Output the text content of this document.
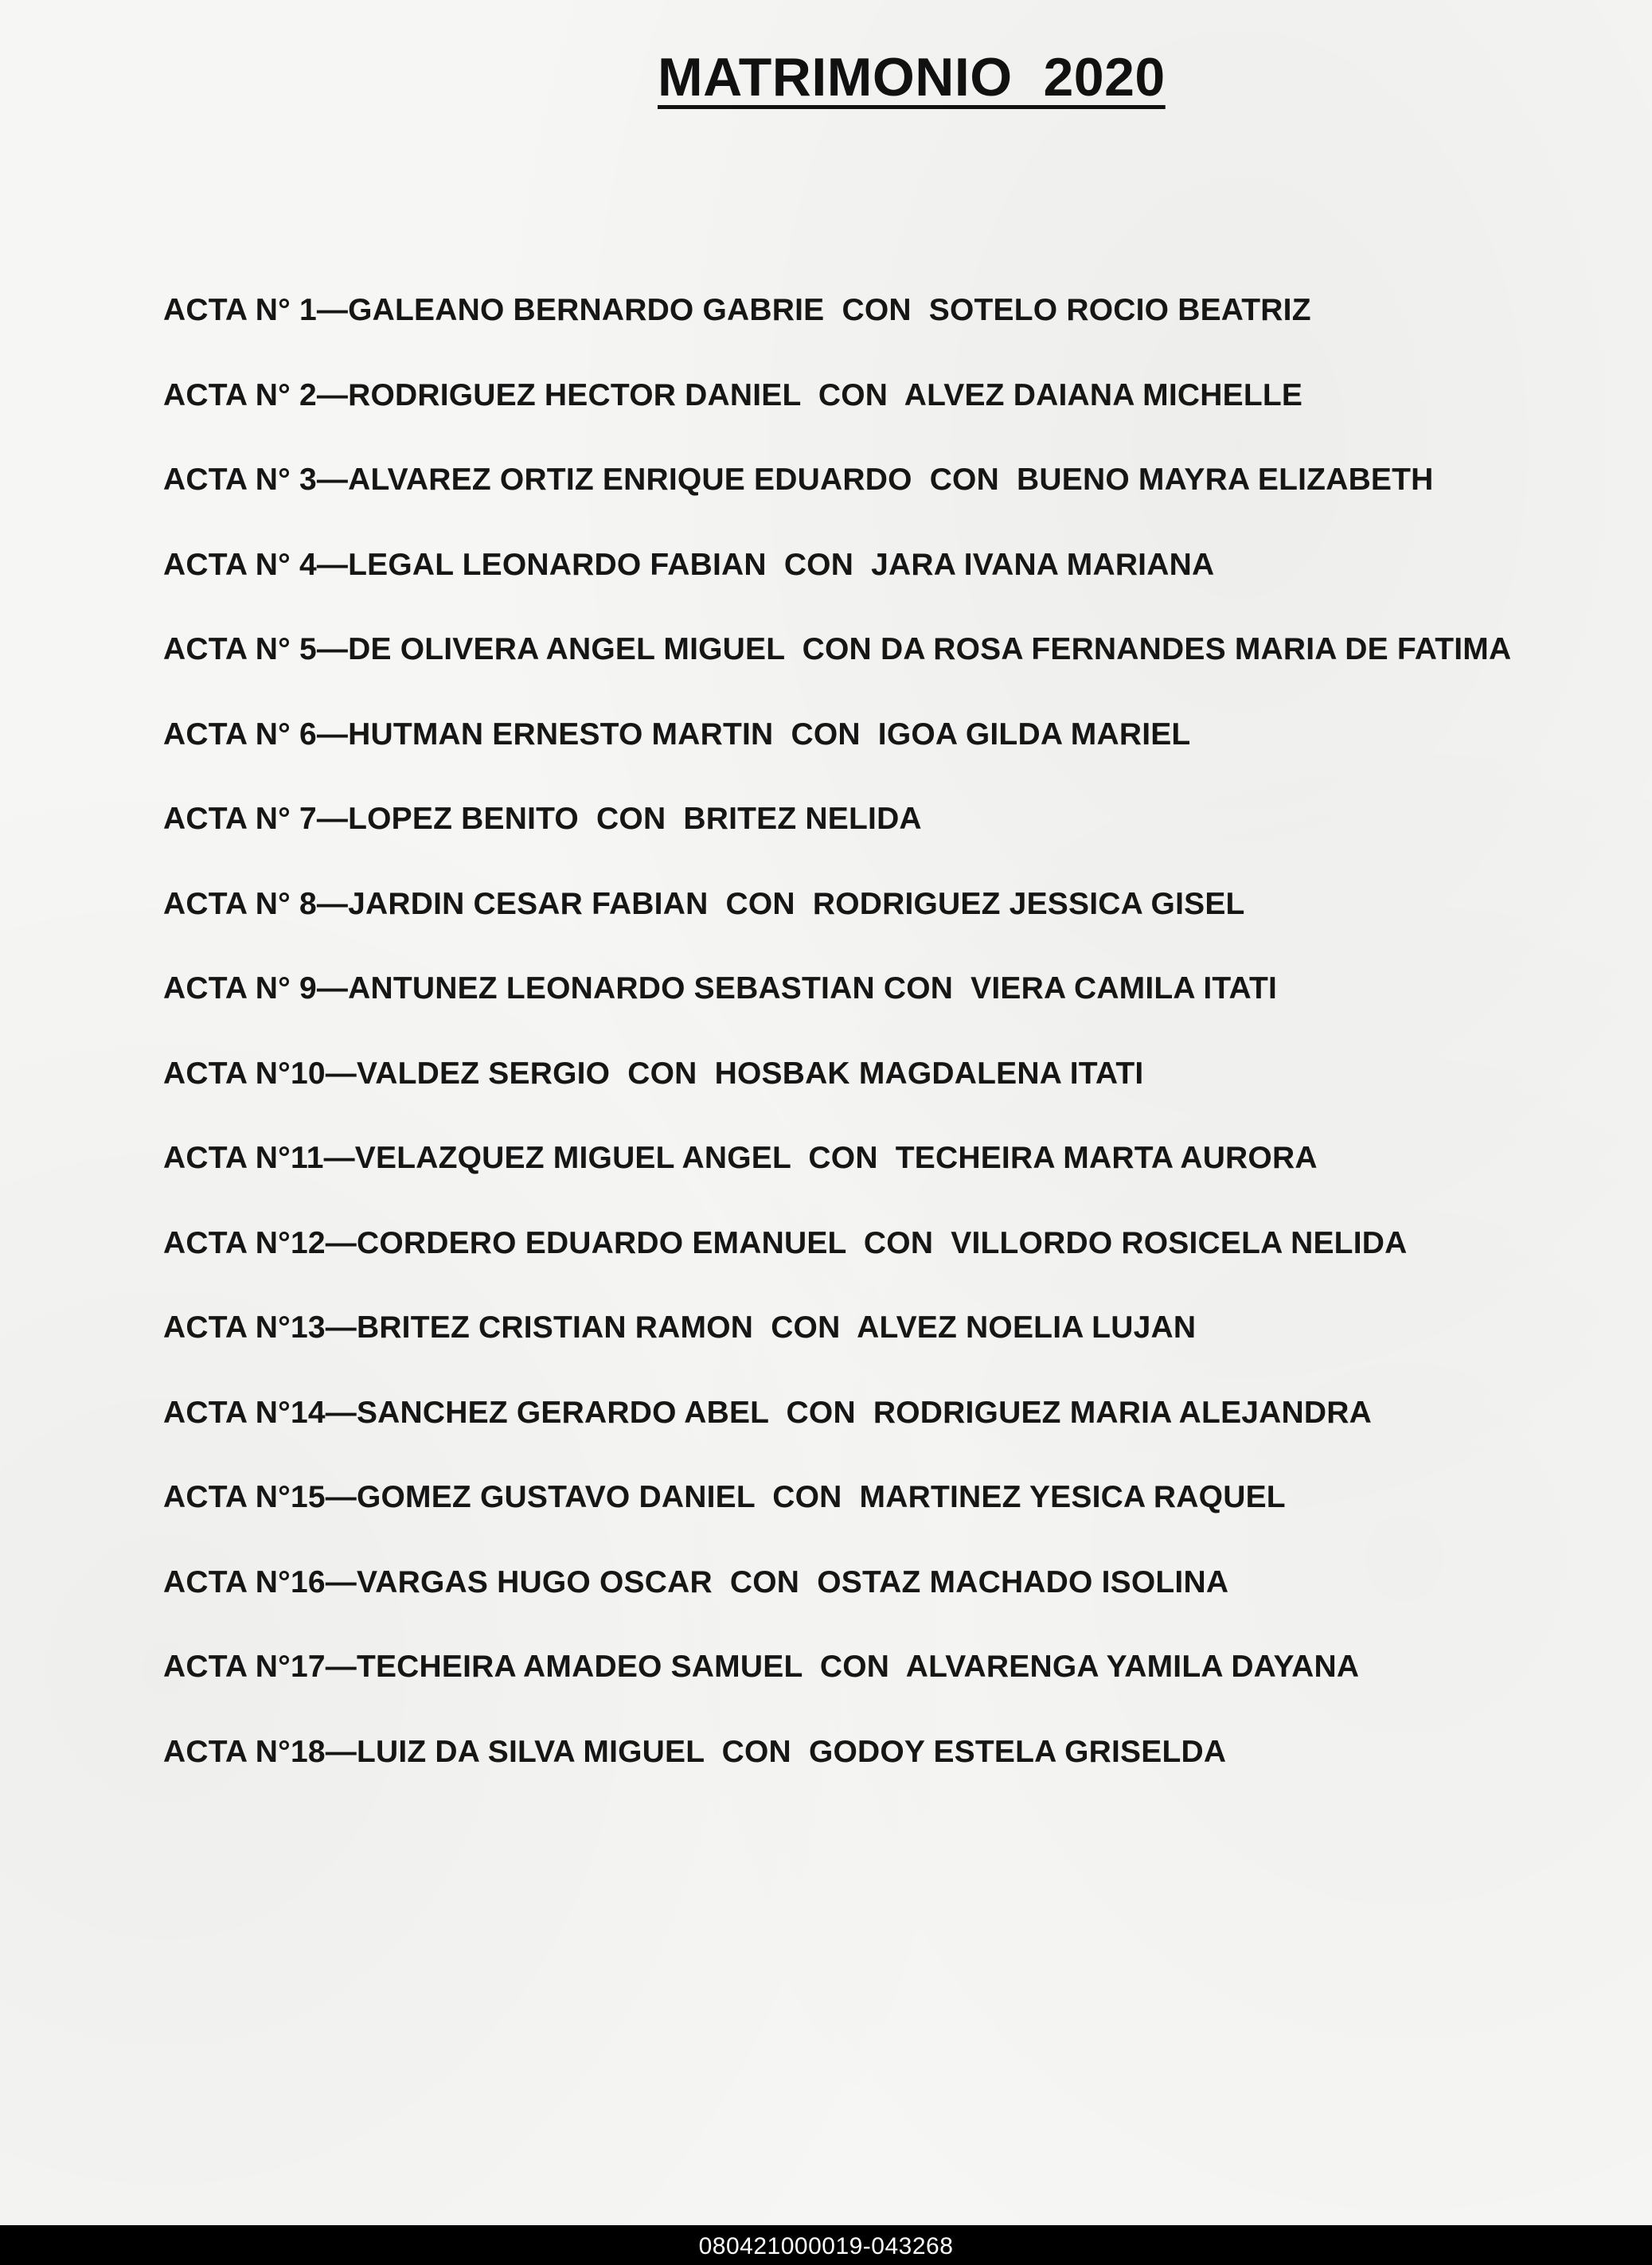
MATRIMONIO  2020
ACTA N° 1—GALEANO BERNARDO GABRIE  CON  SOTELO ROCIO BEATRIZ
ACTA N° 2—RODRIGUEZ HECTOR DANIEL  CON  ALVEZ DAIANA MICHELLE
ACTA N° 3—ALVAREZ ORTIZ ENRIQUE EDUARDO  CON  BUENO MAYRA ELIZABETH
ACTA N° 4—LEGAL LEONARDO FABIAN  CON  JARA IVANA MARIANA
ACTA N° 5—DE OLIVERA ANGEL MIGUEL  CON DA ROSA FERNANDES MARIA DE FATIMA
ACTA N° 6—HUTMAN ERNESTO MARTIN  CON  IGOA GILDA MARIEL
ACTA N° 7—LOPEZ BENITO  CON  BRITEZ NELIDA
ACTA N° 8—JARDIN CESAR FABIAN  CON  RODRIGUEZ JESSICA GISEL
ACTA N° 9—ANTUNEZ LEONARDO SEBASTIAN CON  VIERA CAMILA ITATI
ACTA N°10—VALDEZ SERGIO  CON  HOSBAK MAGDALENA ITATI
ACTA N°11—VELAZQUEZ MIGUEL ANGEL  CON  TECHEIRA MARTA AURORA
ACTA N°12—CORDERO EDUARDO EMANUEL  CON  VILLORDO ROSICELA NELIDA
ACTA N°13—BRITEZ CRISTIAN RAMON  CON  ALVEZ NOELIA LUJAN
ACTA N°14—SANCHEZ GERARDO ABEL  CON  RODRIGUEZ MARIA ALEJANDRA
ACTA N°15—GOMEZ GUSTAVO DANIEL  CON  MARTINEZ YESICA RAQUEL
ACTA N°16—VARGAS HUGO OSCAR  CON  OSTAZ MACHADO ISOLINA
ACTA N°17—TECHEIRA AMADEO SAMUEL  CON  ALVARENGA YAMILA DAYANA
ACTA N°18—LUIZ DA SILVA MIGUEL  CON  GODOY ESTELA GRISELDA
080421000019-043268
